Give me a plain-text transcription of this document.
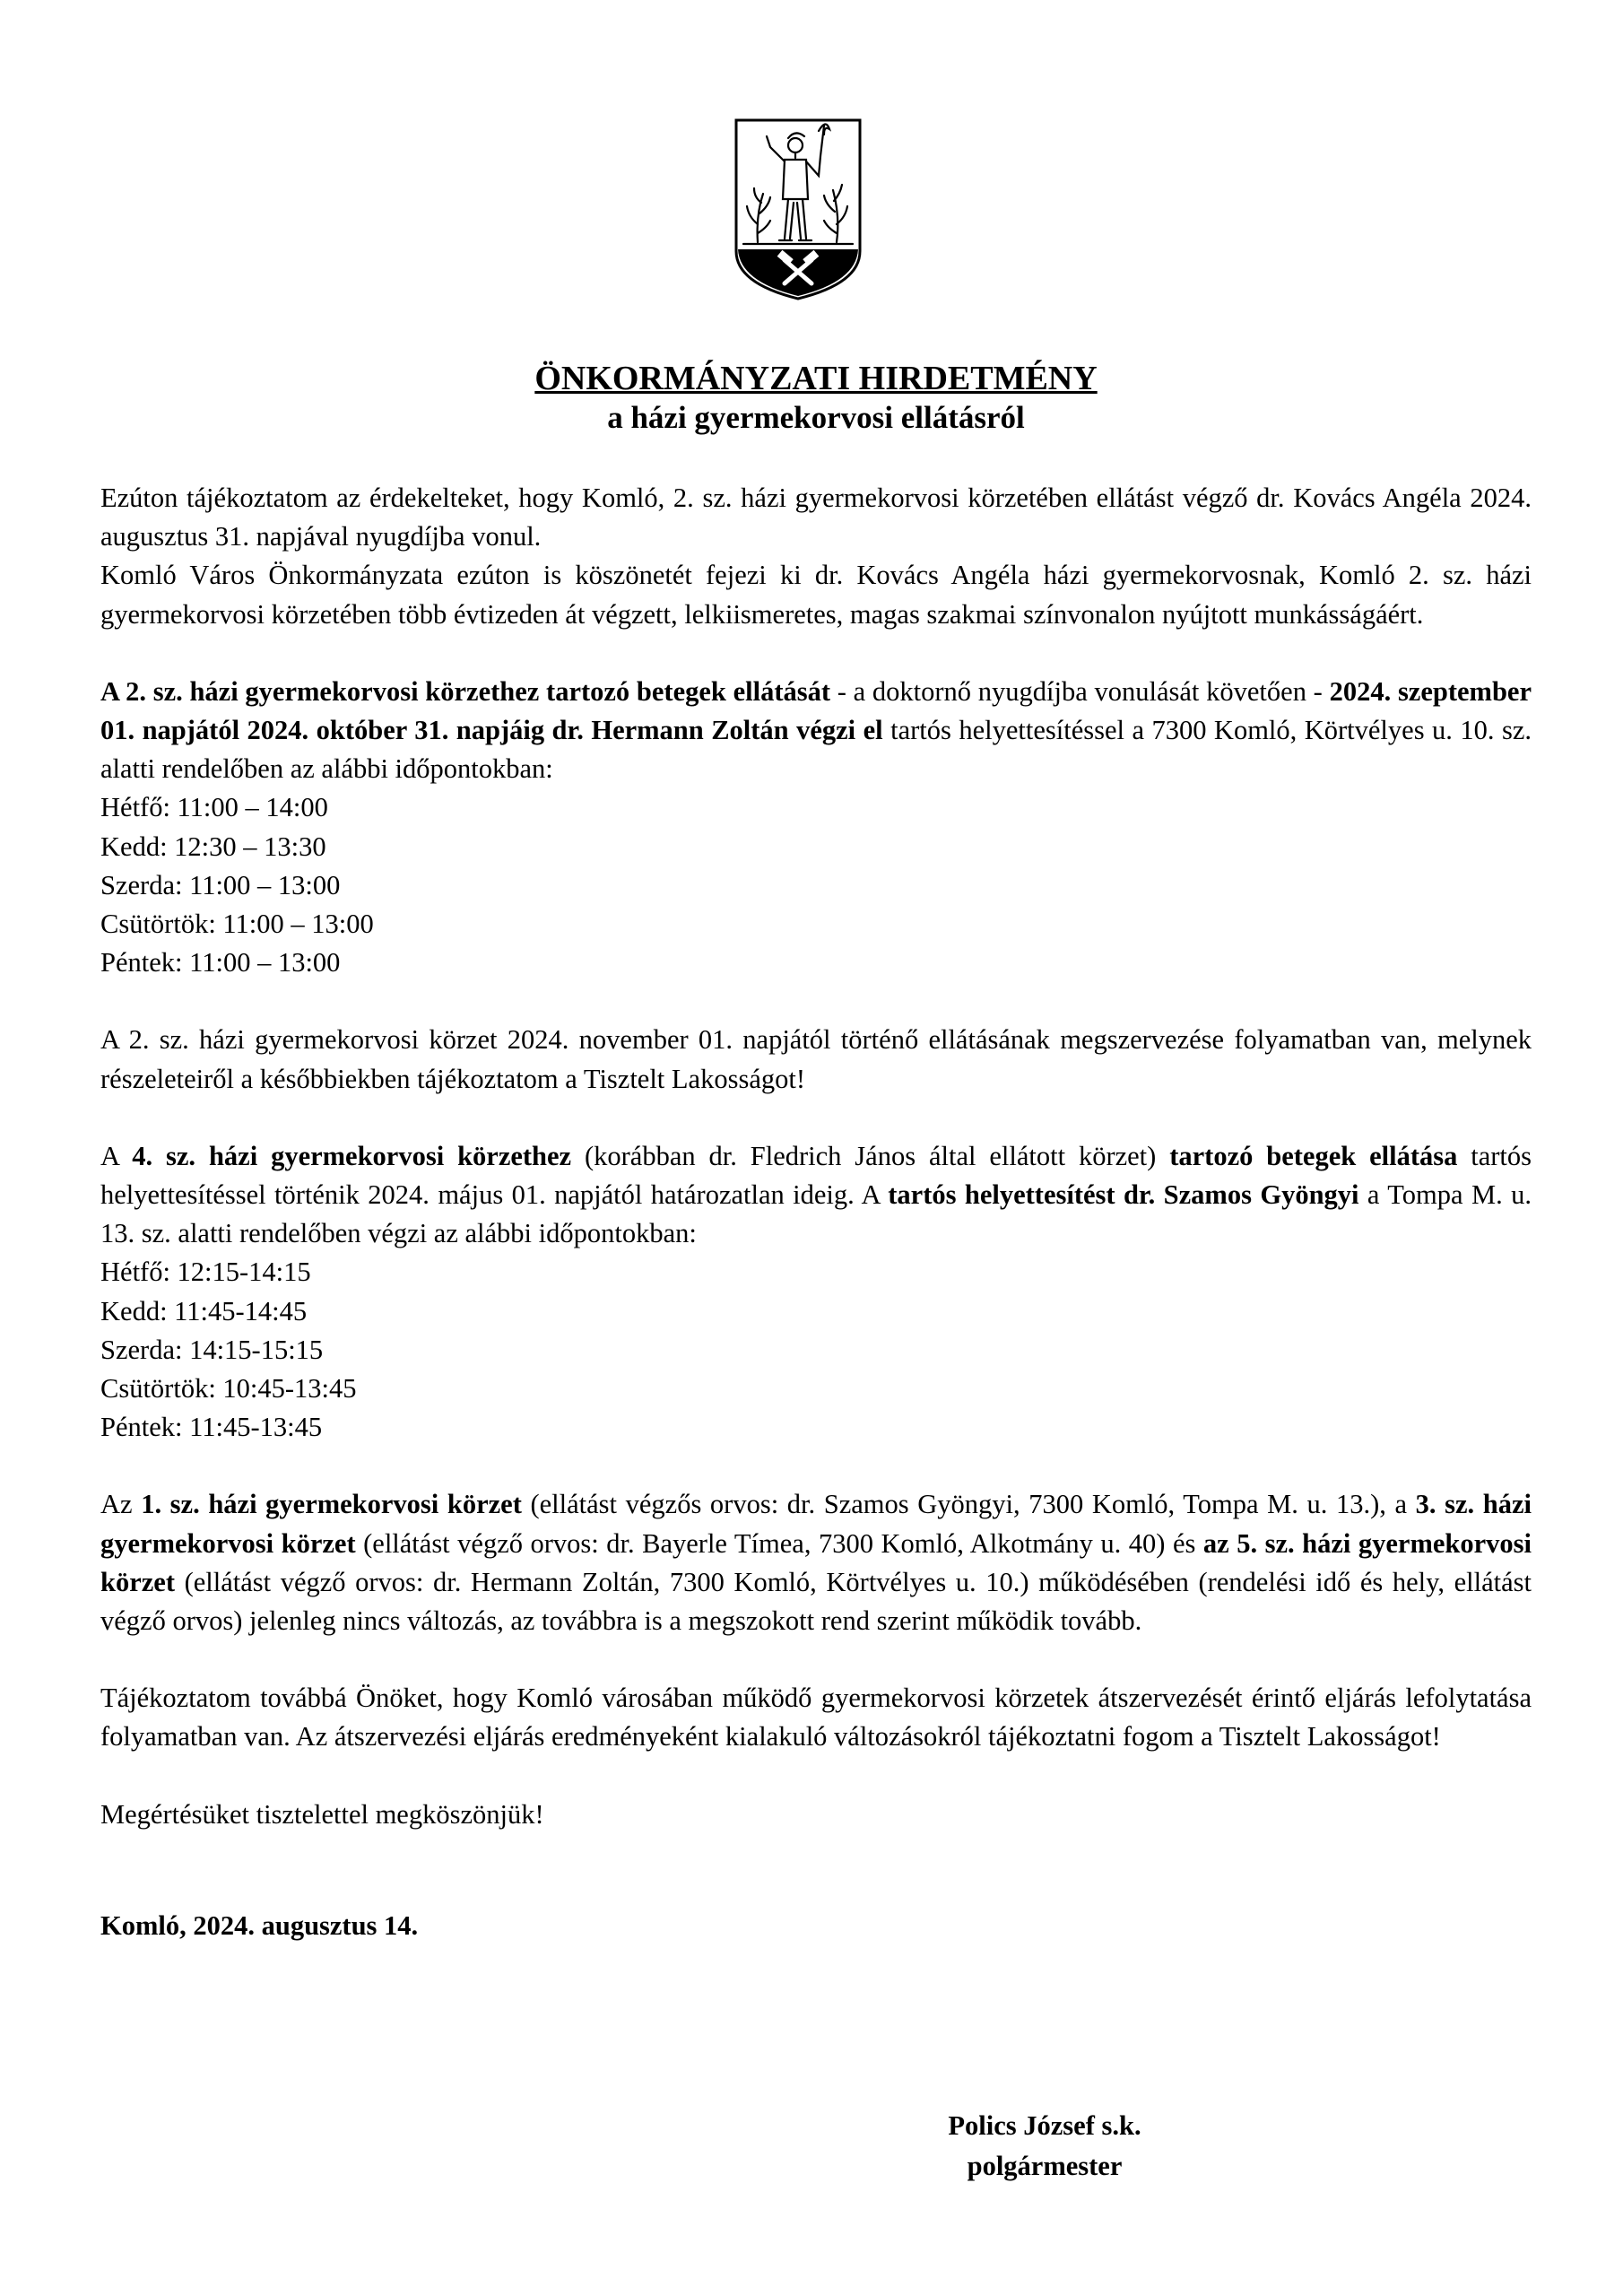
ÖNKORMÁNYZATI HIRDETMÉNY
a házi gyermekorvosi ellátásról

Ezúton tájékoztatom az érdekelteket, hogy Komló, 2. sz. házi gyermekorvosi körzetében ellátást végző dr. Kovács Angéla 2024. augusztus 31. napjával nyugdíjba vonul.

Komló Város Önkormányzata ezúton is köszönetét fejezi ki dr. Kovács Angéla házi gyermekorvosnak, Komló 2. sz. házi gyermekorvosi körzetében több évtizeden át végzett, lelkiismeretes, magas szakmai színvonalon nyújtott munkásságáért.

A 2. sz. házi gyermekorvosi körzethez tartozó betegek ellátását - a doktornő nyugdíjba vonulását követően - 2024. szeptember 01. napjától 2024. október 31. napjáig dr. Hermann Zoltán végzi el tartós helyettesítéssel a 7300 Komló, Körtvélyes u. 10. sz. alatti rendelőben az alábbi időpontokban:

Hétfő: 11:00 – 14:00
Kedd: 12:30 – 13:30
Szerda: 11:00 – 13:00
Csütörtök: 11:00 – 13:00
Péntek: 11:00 – 13:00

A 2. sz. házi gyermekorvosi körzet 2024. november 01. napjától történő ellátásának megszervezése folyamatban van, melynek részeleteiről a későbbiekben tájékoztatom a Tisztelt Lakosságot!

A 4. sz. házi gyermekorvosi körzethez (korábban dr. Fledrich János által ellátott körzet) tartozó betegek ellátása tartós helyettesítéssel történik 2024. május 01. napjától határozatlan ideig. A tartós helyettesítést dr. Szamos Gyöngyi a Tompa M. u. 13. sz. alatti rendelőben végzi az alábbi időpontokban:

Hétfő: 12:15-14:15
Kedd: 11:45-14:45
Szerda: 14:15-15:15
Csütörtök: 10:45-13:45
Péntek: 11:45-13:45

Az 1. sz. házi gyermekorvosi körzet (ellátást végzős orvos: dr. Szamos Gyöngyi, 7300 Komló, Tompa M. u. 13.), a 3. sz. házi gyermekorvosi körzet (ellátást végző orvos: dr. Bayerle Tímea, 7300 Komló, Alkotmány u. 40) és az 5. sz. házi gyermekorvosi körzet (ellátást végző orvos: dr. Hermann Zoltán, 7300 Komló, Körtvélyes u. 10.) működésében (rendelési idő és hely, ellátást végző orvos) jelenleg nincs változás, az továbbra is a megszokott rend szerint működik tovább.

Tájékoztatom továbbá Önöket, hogy Komló városában működő gyermekorvosi körzetek átszervezését érintő eljárás lefolytatása folyamatban van. Az átszervezési eljárás eredményeként kialakuló változásokról tájékoztatni fogom a Tisztelt Lakosságot!

Megértésüket tisztelettel megköszönjük!

Komló, 2024. augusztus 14.

Polics József s.k.
polgármester
